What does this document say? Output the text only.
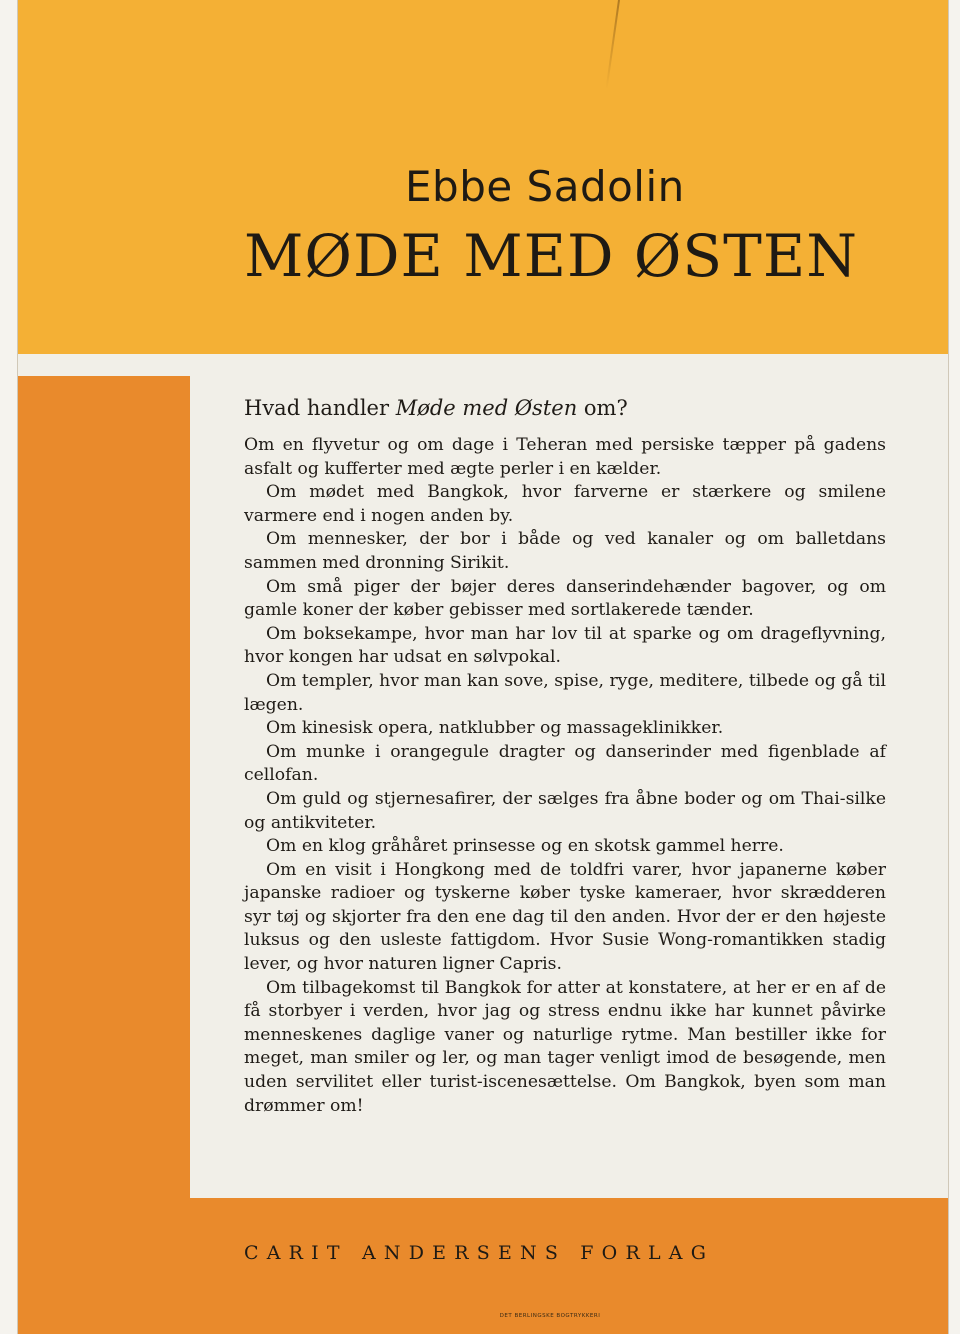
Ebbe Sadolin
MØDE MED ØSTEN

Hvad handler Møde med Østen om?

Om en flyvetur og om dage i Teheran med persiske tæpper på gadens asfalt og kufferter med ægte perler i en kælder.

Om mødet med Bangkok, hvor farverne er stærkere og smilene varmere end i nogen anden by.

Om mennesker, der bor i både og ved kanaler og om balletdans sammen med dronning Sirikit.

Om små piger der bøjer deres danserindehænder bagover, og om gamle koner der køber gebisser med sortlakerede tænder.

Om boksekampe, hvor man har lov til at sparke og om drageflyvning, hvor kongen har udsat en sølvpokal.

Om templer, hvor man kan sove, spise, ryge, meditere, tilbede og gå til lægen.

Om kinesisk opera, natklubber og massageklinikker.

Om munke i orangegule dragter og danserinder med figenblade af cellofan.

Om guld og stjernesafirer, der sælges fra åbne boder og om Thai-silke og antikviteter.

Om en klog gråhåret prinsesse og en skotsk gammel herre.

Om en visit i Hongkong med de toldfri varer, hvor japanerne køber japanske radioer og tyskerne køber tyske kameraer, hvor skrædderen syr tøj og skjorter fra den ene dag til den anden. Hvor der er den højeste luksus og den usleste fattigdom. Hvor Susie Wong-romantikken stadig lever, og hvor naturen ligner Capris.

Om tilbagekomst til Bangkok for atter at konstatere, at her er en af de få storbyer i verden, hvor jag og stress endnu ikke har kunnet påvirke menneskenes daglige vaner og naturlige rytme. Man bestiller ikke for meget, man smiler og ler, og man tager venligt imod de besøgende, men uden servilitet eller turist-iscenesættelse. Om Bangkok, byen som man drømmer om!

CARIT ANDERSENS FORLAG
DET BERLINGSKE BOGTRYKKERI
